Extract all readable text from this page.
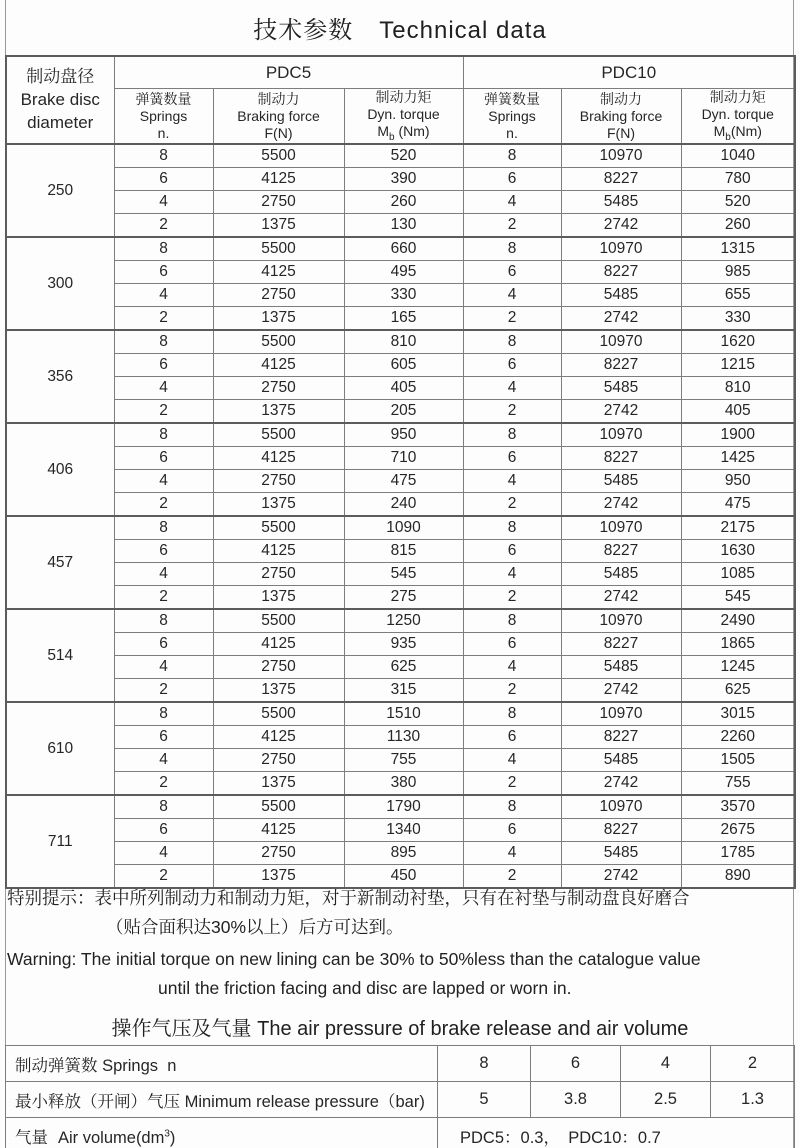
技术参数 Technical data
制动盘径
Brake disc
diameter	PDC5			PDC10		

弹簧数量
Springs
n.

制动力
Braking force
F(N)

制动力矩
Dyn. torque
$M_b$ (Nm)

弹簧数量
Springs
n.

制动力
Braking force
F(N)

制动力矩
Dyn. torque
$M_b(Nm)$

250	8	5500	520	8	10970	1040
	6	4125	390	6	8227	780
	4	2750	260	4	5485	520
	2	1375	130	2	2742	260
300	8	5500	660	8	10970	1315
	6	4125	495	6	8227	985
	4	2750	330	4	5485	655
	2	1375	165	2	2742	330
356	8	5500	810	8	10970	1620
	6	4125	605	6	8227	1215
	4	2750	405	4	5485	810
	2	1375	205	2	2742	405
406	8	5500	950	8	10970	1900
	6	4125	710	6	8227	1425
	4	2750	475	4	5485	950
	2	1375	240	2	2742	475
457	8	5500	1090	8	10970	2175
	6	4125	815	6	8227	1630
	4	2750	545	4	5485	1085
	2	1375	275	2	2742	545
514	8	5500	1250	8	10970	2490
	6	4125	935	6	8227	1865
	4	2750	625	4	5485	1245
	2	1375	315	2	2742	625
610	8	5500	1510	8	10970	3015
	6	4125	1130	6	8227	2260
	4	2750	755	4	5485	1505
	2	1375	380	2	2742	755
711	8	5500	1790	8	10970	3570
	6	4125	1340	6	8227	2675
	4	2750	895	4	5485	1785
	2	1375	450	2	2742	890
特别提示：表中所列制动力和制动力矩，对于新制动衬垫，只有在衬垫与制动盘良好磨合
（贴合面积达30%以上）后方可达到。
Warning: The initial torque on new lining can be 30% to 50%less than the catalogue value
until the friction facing and disc are lapped or worn in.
操作气压及气量 The air pressure of brake release and air volume
制动弹簧数 Springs  n	8	6	4	2
最小释放（开闸）气压 Minimum release pressure（bar)	5	3.8	2.5	1.3
气量 Air $volume(dm^3)$	PDC5：0.3，　PDC10：0.7			
